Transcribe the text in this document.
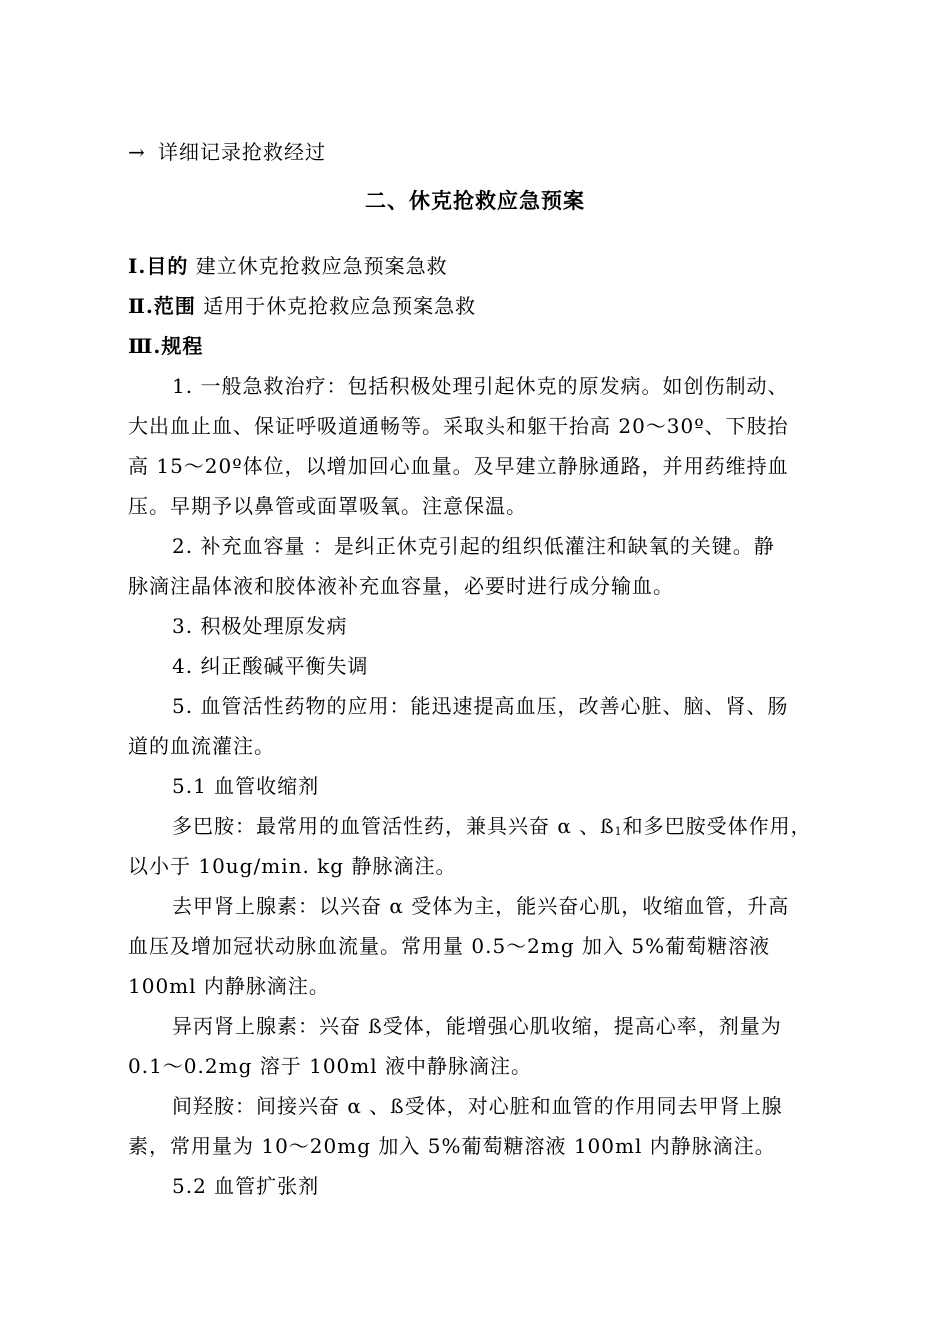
→ 详细记录抢救经过
二、休克抢救应急预案
Ⅰ.目的 建立休克抢救应急预案急救
Ⅱ.范围 适用于休克抢救应急预案急救
Ⅲ.规程
1. 一般急救治疗：包括积极处理引起休克的原发病。如创伤制动、
大出血止血、保证呼吸道通畅等。采取头和躯干抬高 20～30º、下肢抬
高 15～20º体位，以增加回心血量。及早建立静脉通路，并用药维持血
压。早期予以鼻管或面罩吸氧。注意保温。
2. 补充血容量 ：是纠正休克引起的组织低灌注和缺氧的关键。静
脉滴注晶体液和胶体液补充血容量，必要时进行成分输血。
3. 积极处理原发病
4. 纠正酸碱平衡失调
5. 血管活性药物的应用：能迅速提高血压，改善心脏、脑、肾、肠
道的血流灌注。
5.1 血管收缩剂
多巴胺：最常用的血管活性药，兼具兴奋 α 、$ß_1$和多巴胺受体作用，
以小于 10ug/min. kg 静脉滴注。
去甲肾上腺素：以兴奋 α 受体为主，能兴奋心肌，收缩血管，升高
血压及增加冠状动脉血流量。常用量 0.5～2mg 加入 5%葡萄糖溶液
100ml 内静脉滴注。
异丙肾上腺素：兴奋 ß受体，能增强心肌收缩，提高心率，剂量为
0.1～0.2mg 溶于 100ml 液中静脉滴注。
间羟胺：间接兴奋 α 、ß受体，对心脏和血管的作用同去甲肾上腺
素，常用量为 10～20mg 加入 5%葡萄糖溶液 100ml 内静脉滴注。
5.2 血管扩张剂
